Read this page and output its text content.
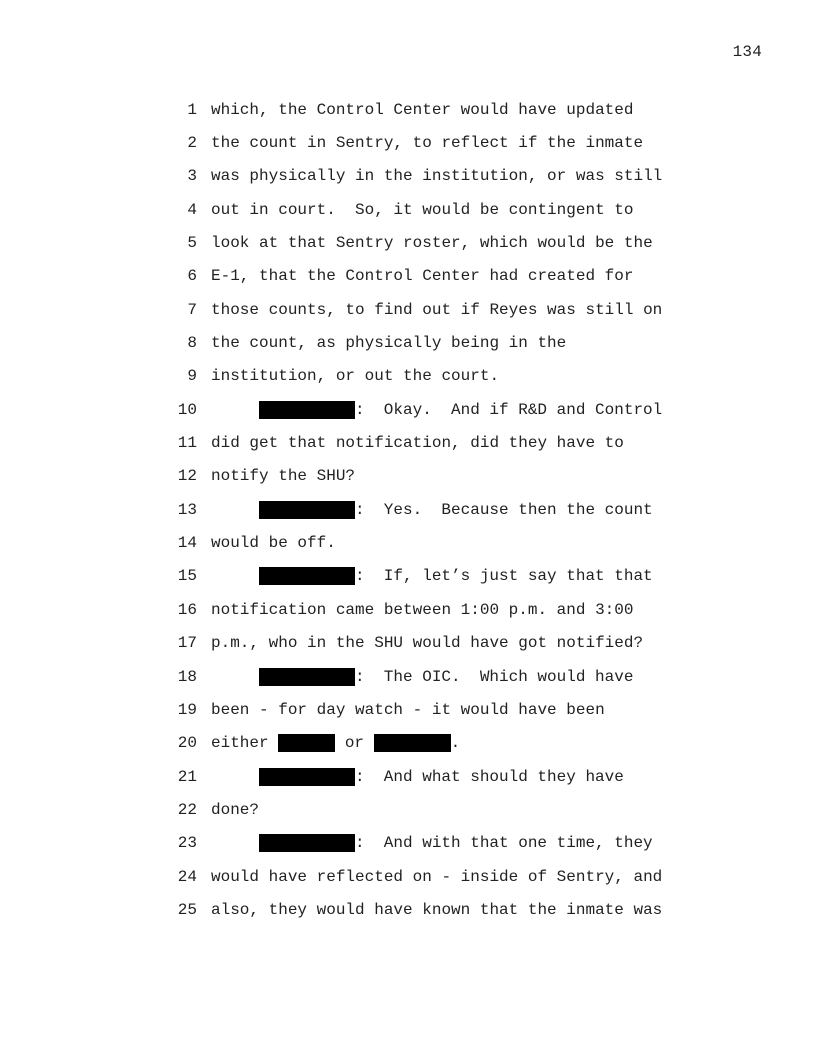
134
1 which, the Control Center would have updated
2 the count in Sentry, to reflect if the inmate
3 was physically in the institution, or was still
4 out in court.  So, it would be contingent to
5 look at that Sentry roster, which would be the
6 E-1, that the Control Center had created for
7 those counts, to find out if Reyes was still on
8 the count, as physically being in the
9 institution, or out the court.
10	:  Okay.  And if R&D and Control
11 did get that notification, did they have to
12 notify the SHU?
13	:  Yes.  Because then the count
14 would be off.
15	:  If, let’s just say that that
16 notification came between 1:00 p.m. and 3:00
17 p.m., who in the SHU would have got notified?
18	:  The OIC.  Which would have
19 been - for day watch - it would have been
20 either
	or	.
21	:  And what should they have
22 done?
23	:  And with that one time, they
24 would have reflected on - inside of Sentry, and
25 also, they would have known that the inmate was
